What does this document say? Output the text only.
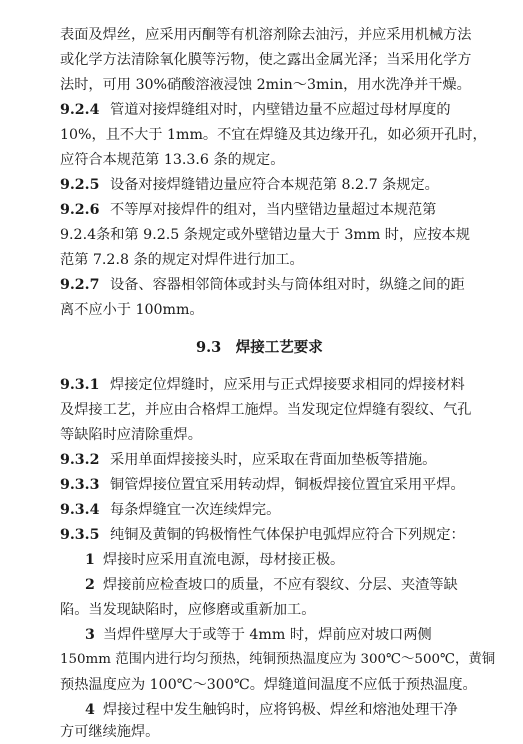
表面及焊丝，应采用丙酮等有机溶剂除去油污，并应采用机械方法
或化学方法清除氧化膜等污物，使之露出金属光泽；当采用化学方
法时，可用 30%硝酸溶液浸蚀 2min～3min，用水洗净并干燥。
9.2.4 管道对接焊缝组对时，内壁错边量不应超过母材厚度的
10%，且不大于 1mm。不宜在焊缝及其边缘开孔，如必须开孔时，
应符合本规范第 13.3.6 条的规定。
9.2.5 设备对接焊缝错边量应符合本规范第 8.2.7 条规定。
9.2.6 不等厚对接焊件的组对，当内壁错边量超过本规范第
9.2.4条和第 9.2.5 条规定或外壁错边量大于 3mm 时，应按本规
范第 7.2.8 条的规定对焊件进行加工。
9.2.7 设备、容器相邻筒体或封头与筒体组对时，纵缝之间的距
离不应小于 100mm。
9.3　焊接工艺要求
9.3.1 焊接定位焊缝时，应采用与正式焊接要求相同的焊接材料
及焊接工艺，并应由合格焊工施焊。当发现定位焊缝有裂纹、气孔
等缺陷时应清除重焊。
9.3.2 采用单面焊接接头时，应采取在背面加垫板等措施。
9.3.3 铜管焊接位置宜采用转动焊，铜板焊接位置宜采用平焊。
9.3.4 每条焊缝宜一次连续焊完。
9.3.5 纯铜及黄铜的钨极惰性气体保护电弧焊应符合下列规定：
1 焊接时应采用直流电源，母材接正极。
2 焊接前应检查坡口的质量，不应有裂纹、分层、夹渣等缺
陷。当发现缺陷时，应修磨或重新加工。
3 当焊件壁厚大于或等于 4mm 时，焊前应对坡口两侧
150mm 范围内进行均匀预热，纯铜预热温度应为 300℃～500℃，黄铜
预热温度应为 100℃～300℃。焊缝道间温度不应低于预热温度。
4 焊接过程中发生触钨时，应将钨极、焊丝和熔池处理干净
方可继续施焊。
